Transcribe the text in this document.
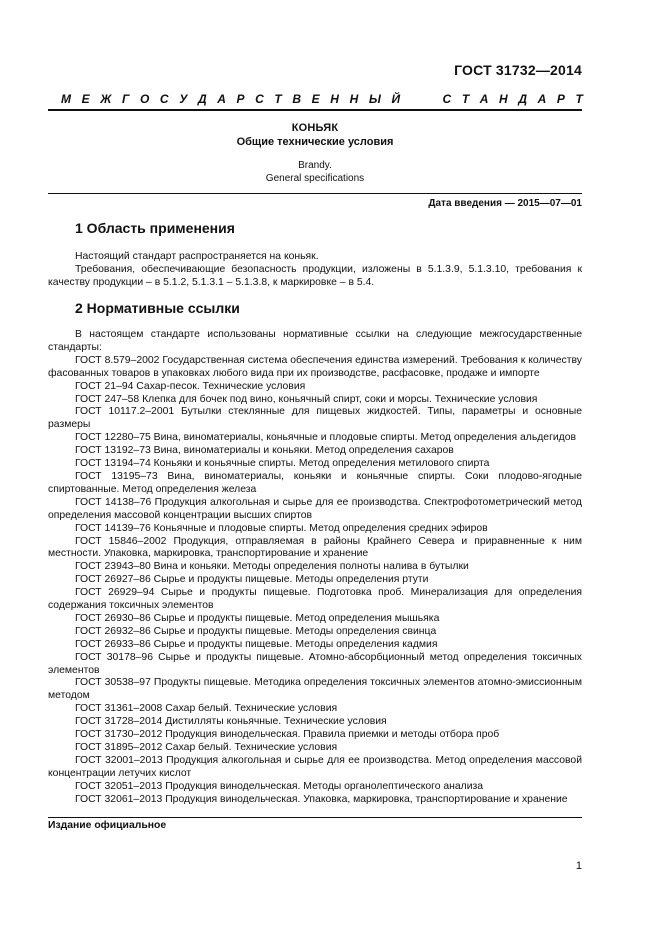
ГОСТ 31732—2014
М Е Ж Г О С У Д А Р С Т В Е Н Н Ы Й	С Т А Н Д А Р Т
КОНЬЯК
Общие технические условия
Brandy.
General specifications
Дата введения — 2015—07—01
1 Область применения

Настоящий стандарт распространяется на коньяк.

Требования, обеспечивающие безопасность продукции, изложены в 5.1.3.9, 5.1.3.10, требования к качеству продукции – в 5.1.2, 5.1.3.1 – 5.1.3.8, к маркировке – в 5.4.

2 Нормативные ссылки

В настоящем стандарте использованы нормативные ссылки на следующие межгосударственные стандарты:

ГОСТ 8.579–2002 Государственная система обеспечения единства измерений. Требования к количеству фасованных товаров в упаковках любого вида при их производстве, расфасовке, продаже и импорте

ГОСТ 21–94 Сахар-песок. Технические условия

ГОСТ 247–58 Клепка для бочек под вино, коньячный спирт, соки и морсы. Технические условия

ГОСТ 10117.2–2001 Бутылки стеклянные для пищевых жидкостей. Типы, параметры и основные размеры

ГОСТ 12280–75 Вина, виноматериалы, коньячные и плодовые спирты. Метод определения альдегидов

ГОСТ 13192–73 Вина, виноматериалы и коньяки. Метод определения сахаров

ГОСТ 13194–74 Коньяки и коньячные спирты. Метод определения метилового спирта

ГОСТ 13195–73 Вина, виноматериалы, коньяки и коньячные спирты. Соки плодово-ягодные спиртованные. Метод определения железа

ГОСТ 14138–76 Продукция алкогольная и сырье для ее производства. Спектрофотометрический метод определения массовой концентрации высших спиртов

ГОСТ 14139–76 Коньячные и плодовые спирты. Метод определения средних эфиров

ГОСТ 15846–2002 Продукция, отправляемая в районы Крайнего Севера и приравненные к ним местности. Упаковка, маркировка, транспортирование и хранение

ГОСТ 23943–80 Вина и коньяки. Методы определения полноты налива в бутылки

ГОСТ 26927–86 Сырье и продукты пищевые. Методы определения ртути

ГОСТ 26929–94 Сырье и продукты пищевые. Подготовка проб. Минерализация для определения содержания токсичных элементов

ГОСТ 26930–86 Сырье и продукты пищевые. Метод определения мышьяка

ГОСТ 26932–86 Сырье и продукты пищевые. Методы определения свинца

ГОСТ 26933–86 Сырье и продукты пищевые. Методы определения кадмия

ГОСТ 30178–96 Сырье и продукты пищевые. Атомно-абсорбционный метод определения токсичных элементов

ГОСТ 30538–97 Продукты пищевые. Методика определения токсичных элементов атомно-эмиссионным методом

ГОСТ 31361–2008 Сахар белый. Технические условия

ГОСТ 31728–2014 Дистилляты коньячные. Технические условия

ГОСТ 31730–2012 Продукция винодельческая. Правила приемки и методы отбора проб

ГОСТ 31895–2012 Сахар белый. Технические условия

ГОСТ 32001–2013 Продукция алкогольная и сырье для ее производства. Метод определения массовой концентрации летучих кислот

ГОСТ 32051–2013 Продукция винодельческая. Методы органолептического анализа

ГОСТ 32061–2013 Продукция винодельческая. Упаковка, маркировка, транспортирование и хранение

Издание официальное
1
